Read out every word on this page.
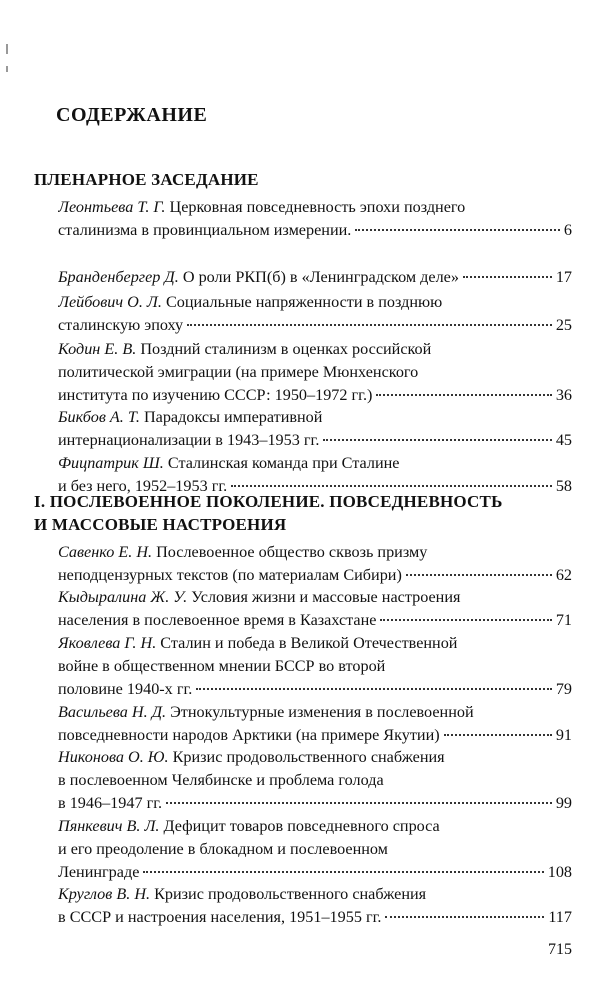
СОДЕРЖАНИЕ
ПЛЕНАРНОЕ ЗАСЕДАНИЕ
Леонтьева Т. Г. Церковная повседневность эпохи позднего
сталинизма в провинциальном измерении.	6
Бранденбергер Д. О роли РКП(б) в «Ленинградском деле»	17
Лейбович О. Л. Социальные напряженности в позднюю
сталинскую эпоху	25
Кодин Е. В. Поздний сталинизм в оценках российской
политической эмиграции (на примере Мюнхенского
института по изучению СССР: 1950–1972 гг.)	36
Бикбов А. Т. Парадоксы императивной
интернационализации в 1943–1953 гг.	45
Фицпатрик Ш. Сталинская команда при Сталине
и без него, 1952–1953 гг.	58
I. ПОСЛЕВОЕННОЕ ПОКОЛЕНИЕ. ПОВСЕДНЕВНОСТЬ
И МАССОВЫЕ НАСТРОЕНИЯ
Савенко Е. Н. Послевоенное общество сквозь призму
неподцензурных текстов (по материалам Сибири)	62
Кыдыралина Ж. У. Условия жизни и массовые настроения
населения в послевоенное время в Казахстане	71
Яковлева Г. Н. Сталин и победа в Великой Отечественной
войне в общественном мнении БССР во второй
половине 1940-х гг.	79
Васильева Н. Д. Этнокультурные изменения в послевоенной
повседневности народов Арктики (на примере Якутии)	91
Никонова О. Ю. Кризис продовольственного снабжения
в послевоенном Челябинске и проблема голода
в 1946–1947 гг.	99
Пянкевич В. Л. Дефицит товаров повседневного спроса
и его преодоление в блокадном и послевоенном
Ленинграде	108
Круглов В. Н. Кризис продовольственного снабжения
в СССР и настроения населения, 1951–1955 гг.	117
715
